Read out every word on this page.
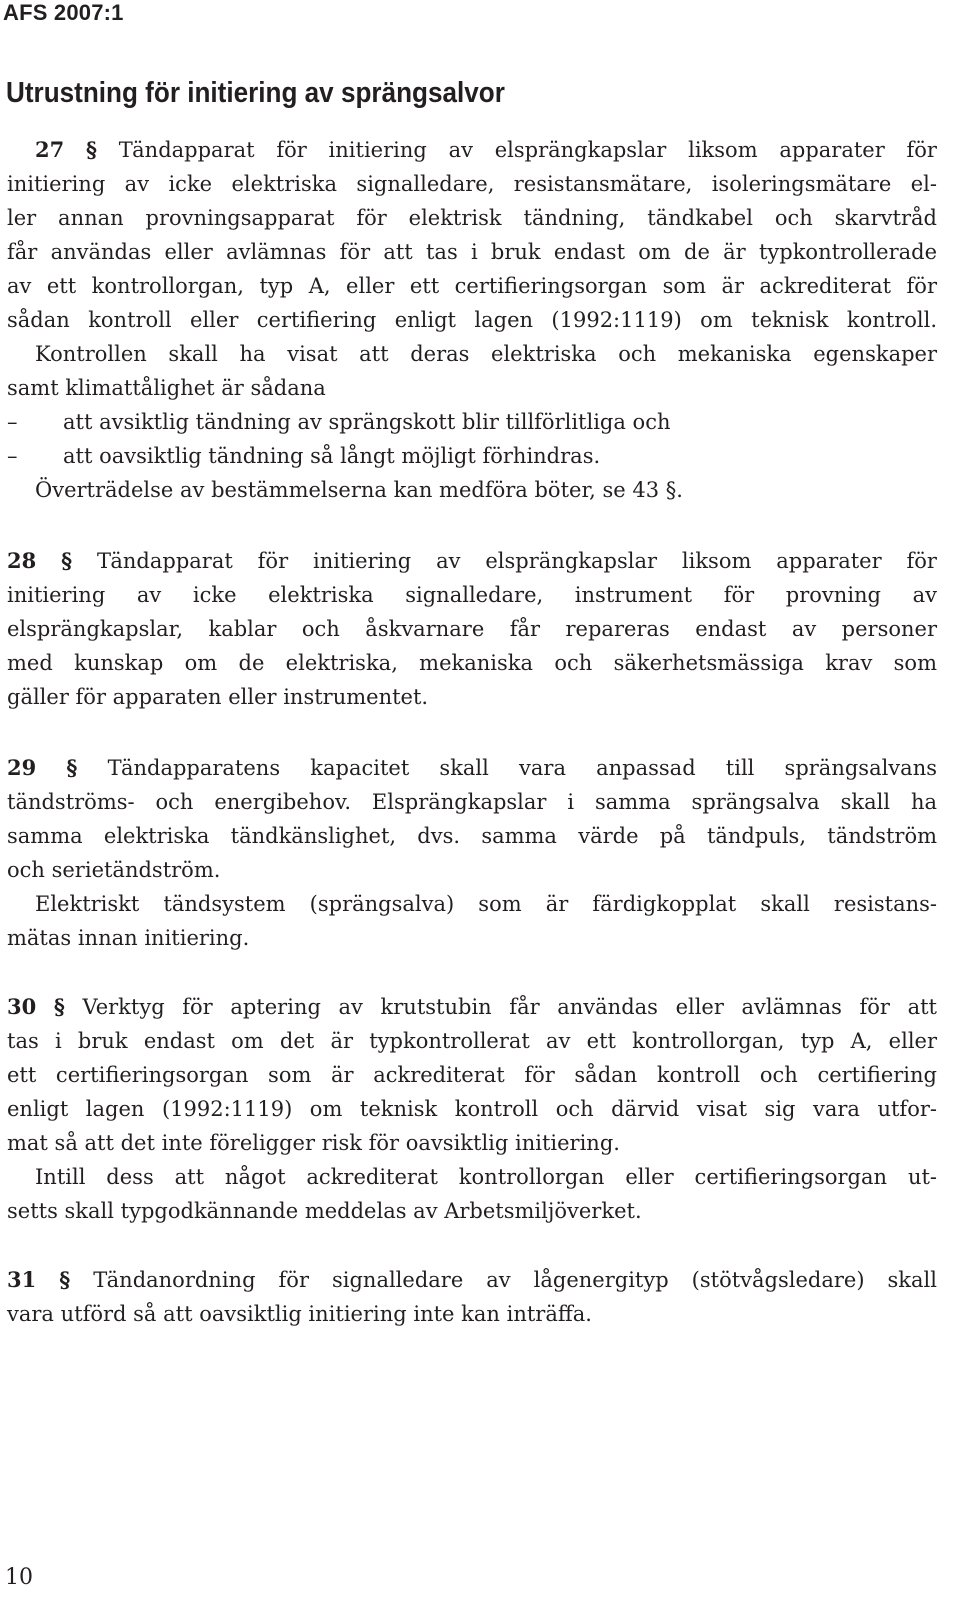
AFS 2007:1
Utrustning för initiering av sprängsalvor
27 § Tändapparat för initiering av elsprängkapslar liksom apparater för
initiering av icke elektriska signalledare, resistansmätare, isoleringsmätare el-
ler annan provningsapparat för elektrisk tändning, tändkabel och skarvtråd
får användas eller avlämnas för att tas i bruk endast om de är typkontrollerade
av ett kontrollorgan, typ A, eller ett certifieringsorgan som är ackrediterat för
sådan kontroll eller certifiering enligt lagen (1992:1119) om teknisk kontroll.
Kontrollen skall ha visat att deras elektriska och mekaniska egenskaper
samt klimattålighet är sådana
–	att avsiktlig tändning av sprängskott blir tillförlitliga och
–	att oavsiktlig tändning så långt möjligt förhindras.
Överträdelse av bestämmelserna kan medföra böter, se 43 §.
28 § Tändapparat för initiering av elsprängkapslar liksom apparater för
initiering av icke elektriska signalledare, instrument för provning av
elsprängkapslar, kablar och åskvarnare får repareras endast av personer
med kunskap om de elektriska, mekaniska och säkerhetsmässiga krav som
gäller för apparaten eller instrumentet.
29 § Tändapparatens kapacitet skall vara anpassad till sprängsalvans
tändströms- och energibehov. Elsprängkapslar i samma sprängsalva skall ha
samma elektriska tändkänslighet, dvs. samma värde på tändpuls, tändström
och serietändström.
Elektriskt tändsystem (sprängsalva) som är färdigkopplat skall resistans-
mätas innan initiering.
30 § Verktyg för aptering av krutstubin får användas eller avlämnas för att
tas i bruk endast om det är typkontrollerat av ett kontrollorgan, typ A, eller
ett certifieringsorgan som är ackrediterat för sådan kontroll och certifiering
enligt lagen (1992:1119) om teknisk kontroll och därvid visat sig vara utfor-
mat så att det inte föreligger risk för oavsiktlig initiering.
Intill dess att något ackrediterat kontrollorgan eller certifieringsorgan ut-
setts skall typgodkännande meddelas av Arbetsmiljöverket.
31 § Tändanordning för signalledare av lågenergityp (stötvågsledare) skall
vara utförd så att oavsiktlig initiering inte kan inträffa.
10
